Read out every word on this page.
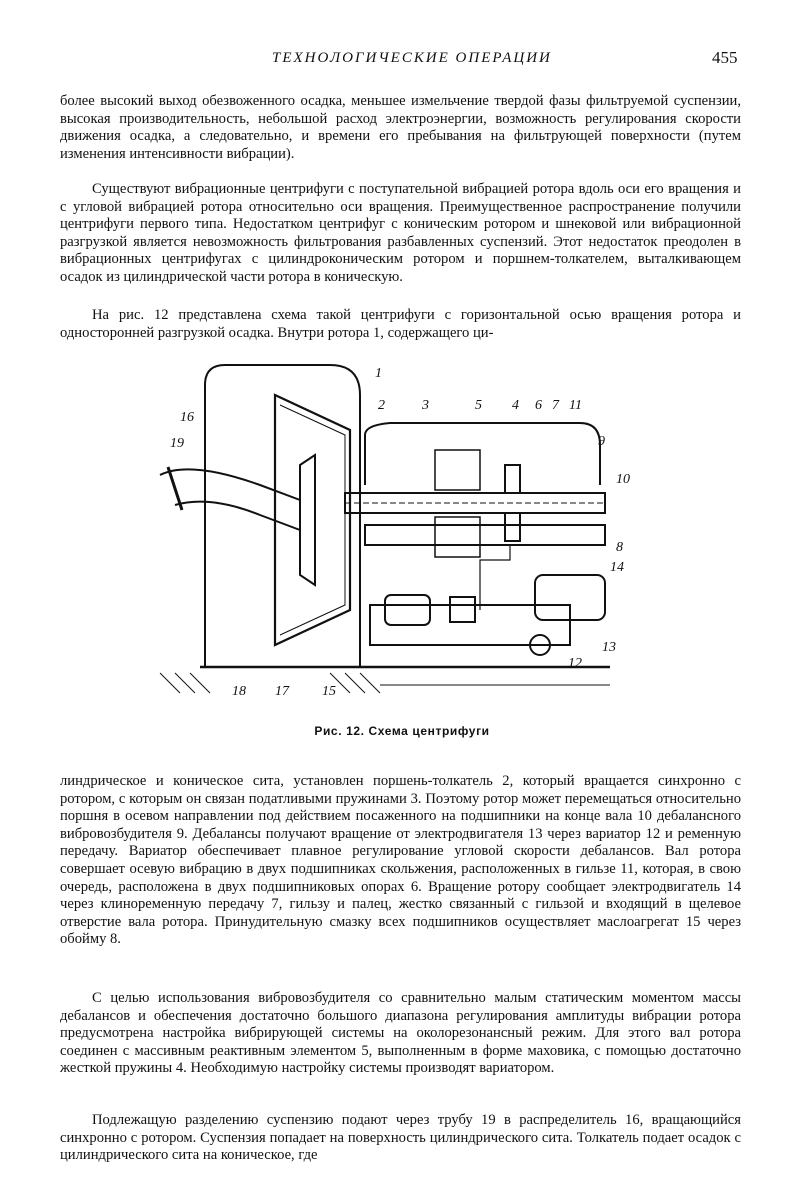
ТЕХНОЛОГИЧЕСКИЕ ОПЕРАЦИИ	455

более высокий выход обезвоженного осадка, меньшее измельчение твердой фазы фильтруемой суспензии, высокая производительность, небольшой расход электроэнергии, возможность регулирования скорости движения осадка, а следовательно, и времени его пребывания на фильтрующей поверхности (путем изменения интенсивности вибрации).

Существуют вибрационные центрифуги с поступательной вибрацией ротора вдоль оси его вращения и с угловой вибрацией ротора относительно оси вращения. Преимущественное распространение получили центрифуги первого типа. Недостатком центрифуг с коническим ротором и шнековой или вибрационной разгрузкой является невозможность фильтрования разбавленных суспензий. Этот недостаток преодолен в вибрационных центрифугах с цилиндроконическим ротором и поршнем-толкателем, выталкивающем осадок из цилиндрической части ротора в коническую.

На рис. 12 представлена схема такой центрифуги с горизонтальной осью вращения ротора и односторонней разгрузкой осадка. Внутри ротора 1, содержащего ци-

1
2	3	4
5	6 7
8
9
10
11
12
13
14
15
16
17
18
19
Рис. 12. Схема центрифуги

линдрическое и коническое сита, установлен поршень-толкатель 2, который вращается синхронно с ротором, с которым он связан податливыми пружинами 3. Поэтому ротор может перемещаться относительно поршня в осевом направлении под действием посаженного на подшипники на конце вала 10 дебалансного вибровозбудителя 9. Дебалансы получают вращение от электродвигателя 13 через вариатор 12 и ременную передачу. Вариатор обеспечивает плавное регулирование угловой скорости дебалансов. Вал ротора совершает осевую вибрацию в двух подшипниках скольжения, расположенных в гильзе 11, которая, в свою очередь, расположена в двух подшипниковых опорах 6. Вращение ротору сообщает электродвигатель 14 через клиноременную передачу 7, гильзу и палец, жестко связанный с гильзой и входящий в щелевое отверстие вала ротора. Принудительную смазку всех подшипников осуществляет маслоагрегат 15 через обойму 8.

С целью использования вибровозбудителя со сравнительно малым статическим моментом массы дебалансов и обеспечения достаточно большого диапазона регулирования амплитуды вибрации ротора предусмотрена настройка вибрирующей системы на околорезонансный режим. Для этого вал ротора соединен с массивным реактивным элементом 5, выполненным в форме маховика, с помощью достаточно жесткой пружины 4. Необходимую настройку системы производят вариатором.

Подлежащую разделению суспензию подают через трубу 19 в распределитель 16, вращающийся синхронно с ротором. Суспензия попадает на поверхность цилиндрического сита. Толкатель подает осадок с цилиндрического сита на коническое, где
